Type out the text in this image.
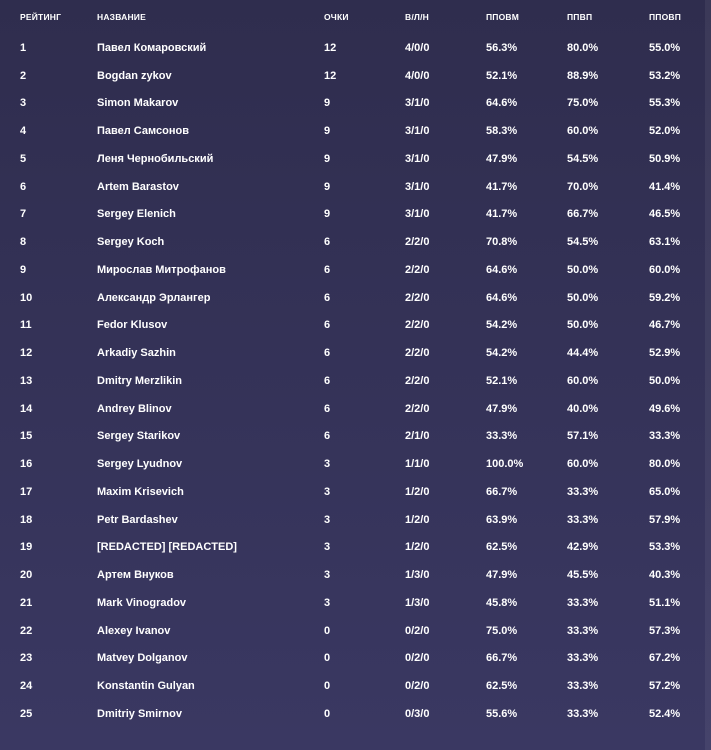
РЕЙТИНГ	НАЗВАНИЕ	ОЧКИ	В/Л/Н	ППОВМ	ППВП	ППОВП
1	Павел Комаровский	12	4/0/0	56.3%	80.0%	55.0%
2	Bogdan zykov	12	4/0/0	52.1%	88.9%	53.2%
3	Simon Makarov	9	3/1/0	64.6%	75.0%	55.3%
4	Павел Самсонов	9	3/1/0	58.3%	60.0%	52.0%
5	Леня Чернобильский	9	3/1/0	47.9%	54.5%	50.9%
6	Artem Barastov	9	3/1/0	41.7%	70.0%	41.4%
7	Sergey Elenich	9	3/1/0	41.7%	66.7%	46.5%
8	Sergey Koch	6	2/2/0	70.8%	54.5%	63.1%
9	Мирослав Митрофанов	6	2/2/0	64.6%	50.0%	60.0%
10	Александр Эрлангер	6	2/2/0	64.6%	50.0%	59.2%
11	Fedor Klusov	6	2/2/0	54.2%	50.0%	46.7%
12	Arkadiy Sazhin	6	2/2/0	54.2%	44.4%	52.9%
13	Dmitry Merzlikin	6	2/2/0	52.1%	60.0%	50.0%
14	Andrey Blinov	6	2/2/0	47.9%	40.0%	49.6%
15	Sergey Starikov	6	2/1/0	33.3%	57.1%	33.3%
16	Sergey Lyudnov	3	1/1/0	100.0%	60.0%	80.0%
17	Maxim Krisevich	3	1/2/0	66.7%	33.3%	65.0%
18	Petr Bardashev	3	1/2/0	63.9%	33.3%	57.9%
19	[REDACTED] [REDACTED]	3	1/2/0	62.5%	42.9%	53.3%
20	Артем Внуков	3	1/3/0	47.9%	45.5%	40.3%
21	Mark Vinogradov	3	1/3/0	45.8%	33.3%	51.1%
22	Alexey Ivanov	0	0/2/0	75.0%	33.3%	57.3%
23	Matvey Dolganov	0	0/2/0	66.7%	33.3%	67.2%
24	Konstantin Gulyan	0	0/2/0	62.5%	33.3%	57.2%
25	Dmitriy Smirnov	0	0/3/0	55.6%	33.3%	52.4%
